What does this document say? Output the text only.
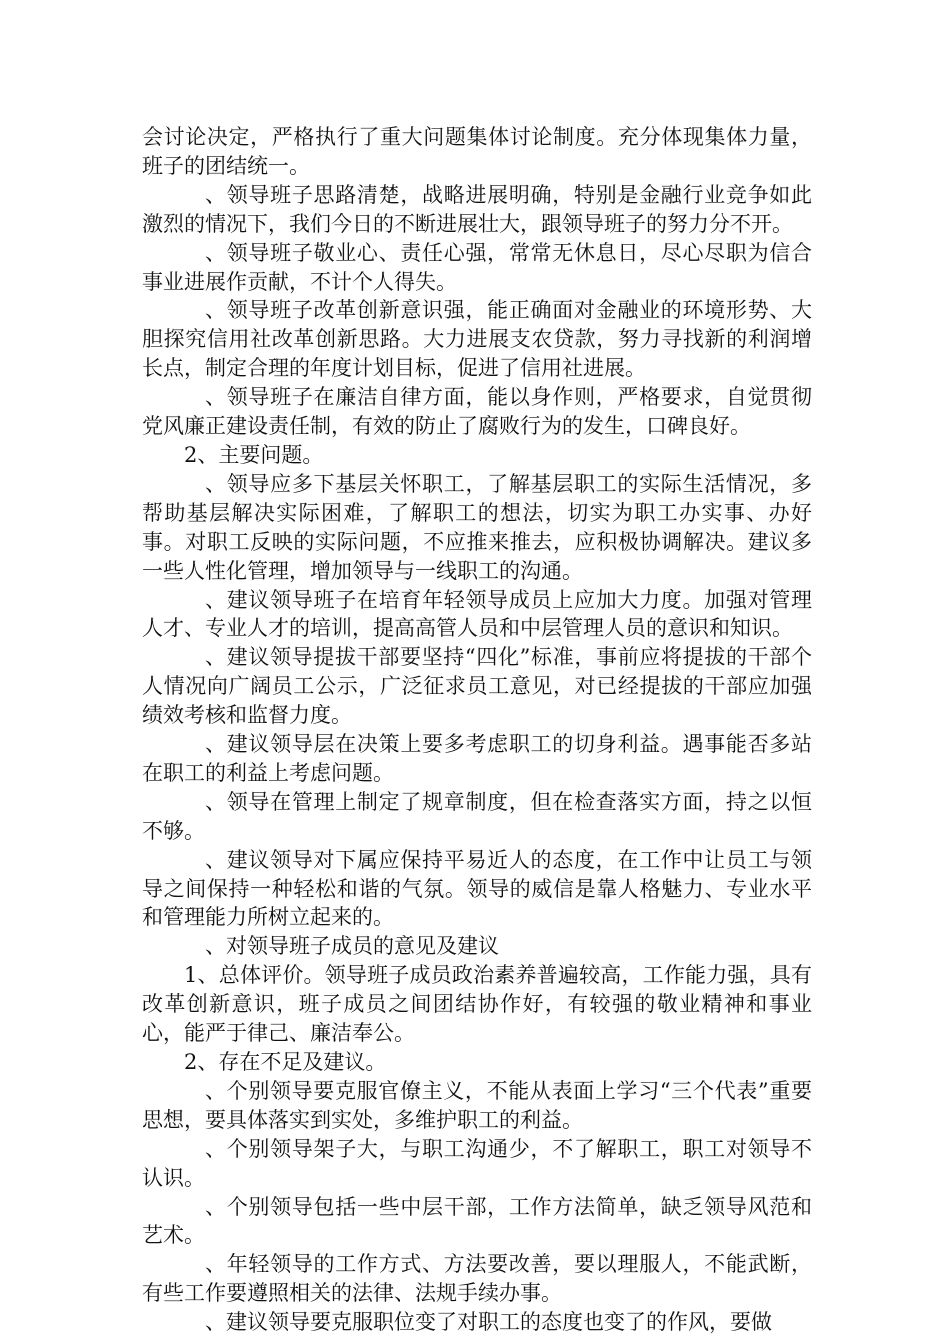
会讨论决定，严格执行了重大问题集体讨论制度。充分体现集体力量，班子的团结统一。

、领导班子思路清楚，战略进展明确，特别是金融行业竞争如此激烈的情况下，我们今日的不断进展壮大，跟领导班子的努力分不开。

、领导班子敬业心、责任心强，常常无休息日，尽心尽职为信合事业进展作贡献，不计个人得失。

、领导班子改革创新意识强，能正确面对金融业的环境形势、大胆探究信用社改革创新思路。大力进展支农贷款，努力寻找新的利润增长点，制定合理的年度计划目标，促进了信用社进展。

、领导班子在廉洁自律方面，能以身作则，严格要求，自觉贯彻党风廉正建设责任制，有效的防止了腐败行为的发生，口碑良好。

2、主要问题。

、领导应多下基层关怀职工，了解基层职工的实际生活情况，多帮助基层解决实际困难，了解职工的想法，切实为职工办实事、办好事。对职工反映的实际问题，不应推来推去，应积极协调解决。建议多一些人性化管理，增加领导与一线职工的沟通。

、建议领导班子在培育年轻领导成员上应加大力度。加强对管理人才、专业人才的培训，提高高管人员和中层管理人员的意识和知识。

、建议领导提拔干部要坚持“四化”标准，事前应将提拔的干部个人情况向广阔员工公示，广泛征求员工意见，对已经提拔的干部应加强绩效考核和监督力度。

、建议领导层在决策上要多考虑职工的切身利益。遇事能否多站在职工的利益上考虑问题。

、领导在管理上制定了规章制度，但在检查落实方面，持之以恒不够。

、建议领导对下属应保持平易近人的态度，在工作中让员工与领导之间保持一种轻松和谐的气氛。领导的威信是靠人格魅力、专业水平和管理能力所树立起来的。

、对领导班子成员的意见及建议

1、总体评价。领导班子成员政治素养普遍较高，工作能力强，具有改革创新意识，班子成员之间团结协作好，有较强的敬业精神和事业心，能严于律己、廉洁奉公。

2、存在不足及建议。

、个别领导要克服官僚主义，不能从表面上学习“三个代表”重要思想，要具体落实到实处，多维护职工的利益。

、个别领导架子大，与职工沟通少，不了解职工，职工对领导不认识。

、个别领导包括一些中层干部，工作方法简单，缺乏领导风范和艺术。

、年轻领导的工作方式、方法要改善，要以理服人，不能武断，有些工作要遵照相关的法律、法规手续办事。

、建议领导要克服职位变了对职工的态度也变了的作风，要做
